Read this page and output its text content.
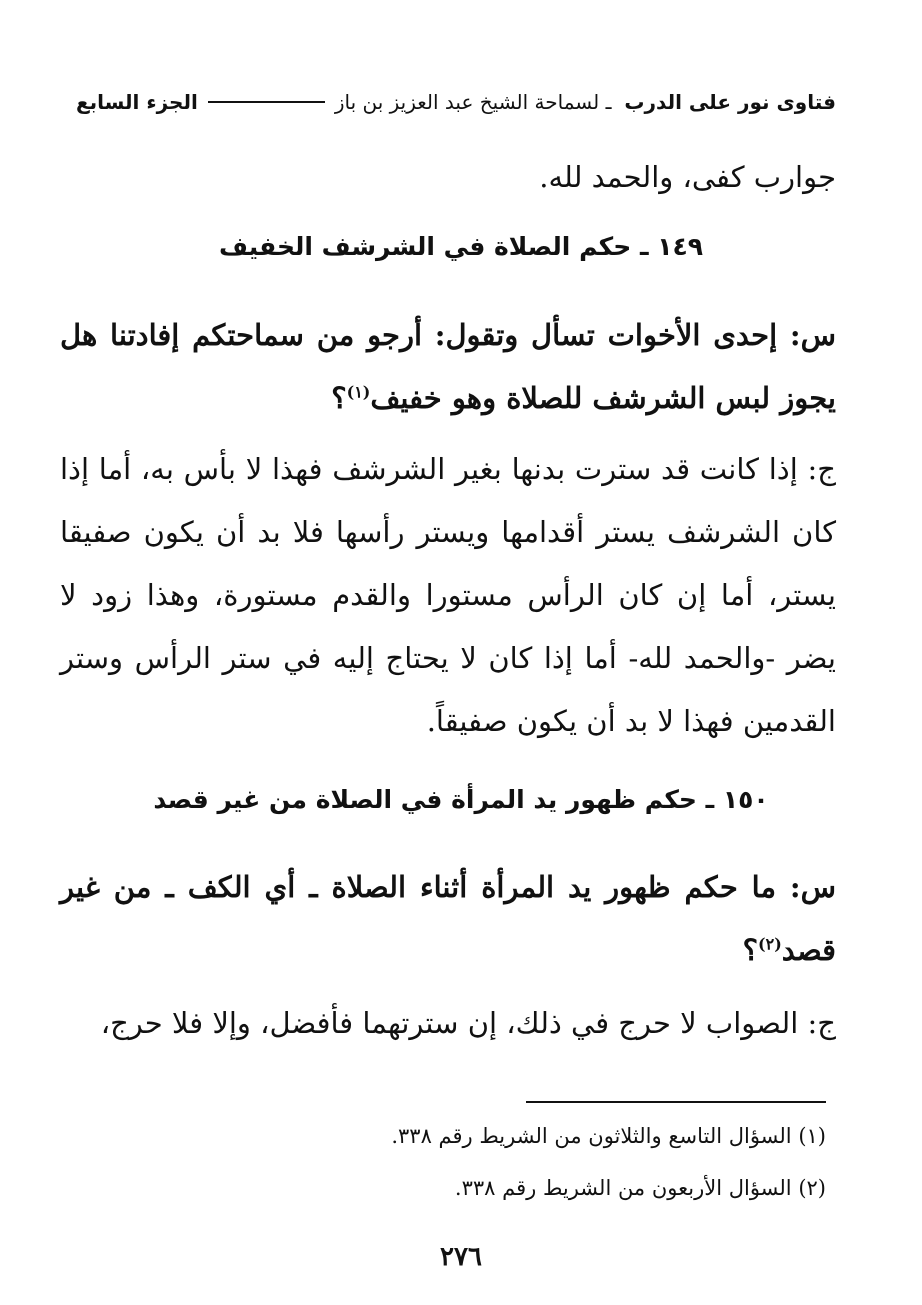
فتاوى نور على الدرب ـ لسماحة الشيخ عبد العزيز بن باز
الجزء السابع
جوارب كفى، والحمد لله.
١٤٩ ـ حكم الصلاة في الشرشف الخفيف
س: إحدى الأخوات تسأل وتقول: أرجو من سماحتكم إفادتنا هل يجوز لبس الشرشف للصلاة وهو خفيف$^{(١)}$؟
ج: إذا كانت قد سترت بدنها بغير الشرشف فهذا لا بأس به، أما إذا كان الشرشف يستر أقدامها ويستر رأسها فلا بد أن يكون صفيقا يستر، أما إن كان الرأس مستورا والقدم مستورة، وهذا زود لا يضر -والحمد لله- أما إذا كان لا يحتاج إليه في ستر الرأس وستر القدمين فهذا لا بد أن يكون صفيقاً.
١٥٠ ـ حكم ظهور يد المرأة في الصلاة من غير قصد
س: ما حكم ظهور يد المرأة أثناء الصلاة ـ أي الكف ـ من غير قصد$^{(٢)}$؟
ج: الصواب لا حرج في ذلك، إن سترتهما فأفضل، وإلا فلا حرج،
(١) السؤال التاسع والثلاثون من الشريط رقم ٣٣٨.
(٢) السؤال الأربعون من الشريط رقم ٣٣٨.
٢٧٦
